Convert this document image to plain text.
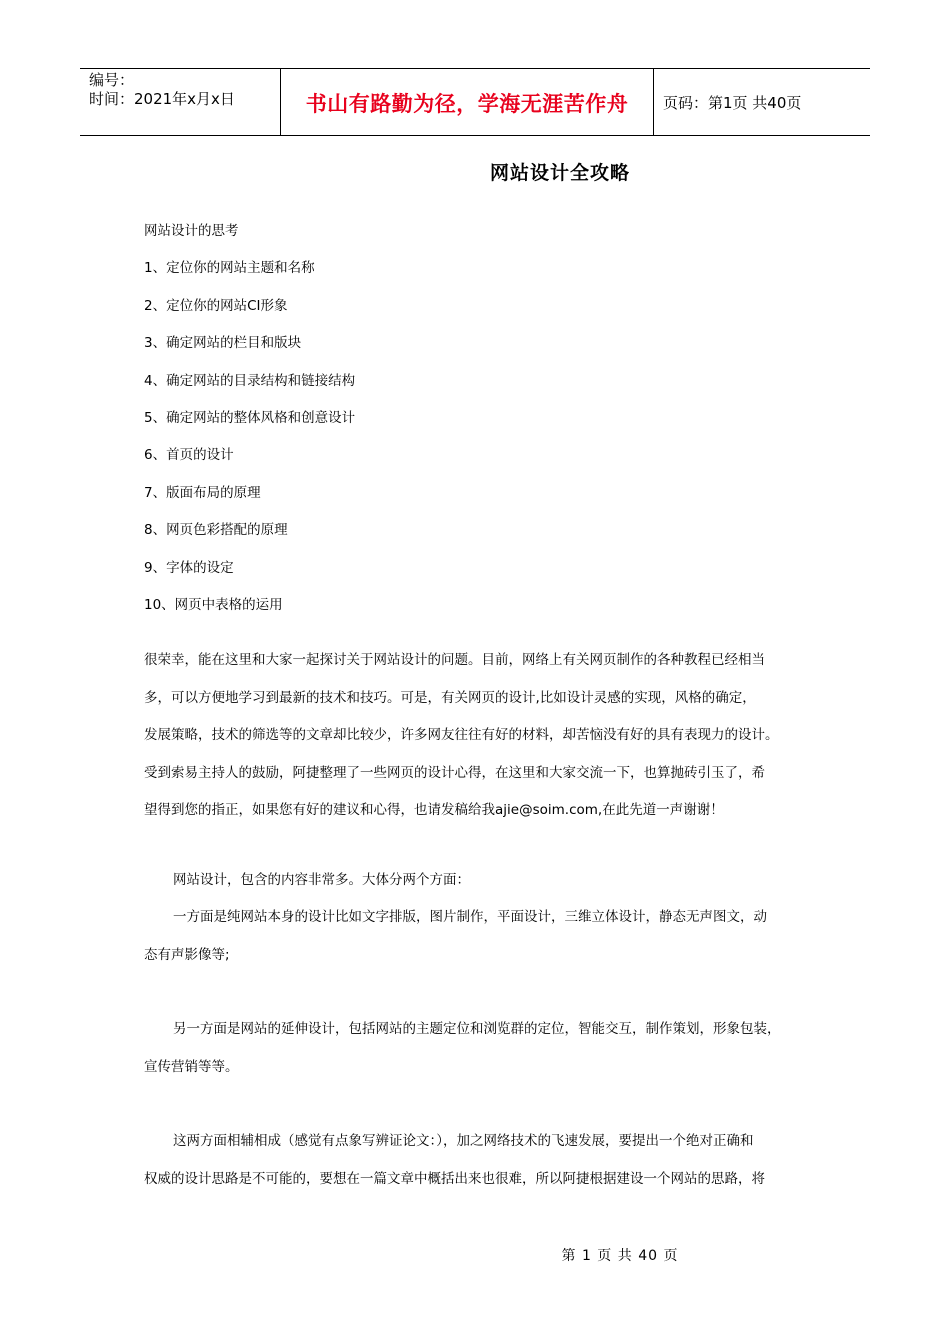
编号：
时间：2021年x月x日	书山有路勤为径，学海无涯苦作舟 页码：第1页 共40页
网站设计全攻略
网站设计的思考
1、定位你的网站主题和名称
2、定位你的网站CI形象
3、确定网站的栏目和版块
4、确定网站的目录结构和链接结构
5、确定网站的整体风格和创意设计
6、首页的设计
7、版面布局的原理
8、网页色彩搭配的原理
9、字体的设定
10、网页中表格的运用
很荣幸，能在这里和大家一起探讨关于网站设计的问题。目前，网络上有关网页制作的各种教程已经相当
多，可以方便地学习到最新的技术和技巧。可是，有关网页的设计,比如设计灵感的实现，风格的确定，
发展策略，技术的筛选等的文章却比较少，许多网友往往有好的材料，却苦恼没有好的具有表现力的设计。
受到索易主持人的鼓励，阿捷整理了一些网页的设计心得，在这里和大家交流一下，也算抛砖引玉了，希
望得到您的指正，如果您有好的建议和心得，也请发稿给我ajie@soim.com,在此先道一声谢谢！
网站设计，包含的内容非常多。大体分两个方面：
一方面是纯网站本身的设计比如文字排版，图片制作，平面设计，三维立体设计，静态无声图文，动
态有声影像等;
另一方面是网站的延伸设计，包括网站的主题定位和浏览群的定位，智能交互，制作策划，形象包装，
宣传营销等等。
这两方面相辅相成（感觉有点象写辨证论文：），加之网络技术的飞速发展，要提出一个绝对正确和
权威的设计思路是不可能的，要想在一篇文章中概括出来也很难，所以阿捷根据建设一个网站的思路，将
第 1 页 共 40 页
